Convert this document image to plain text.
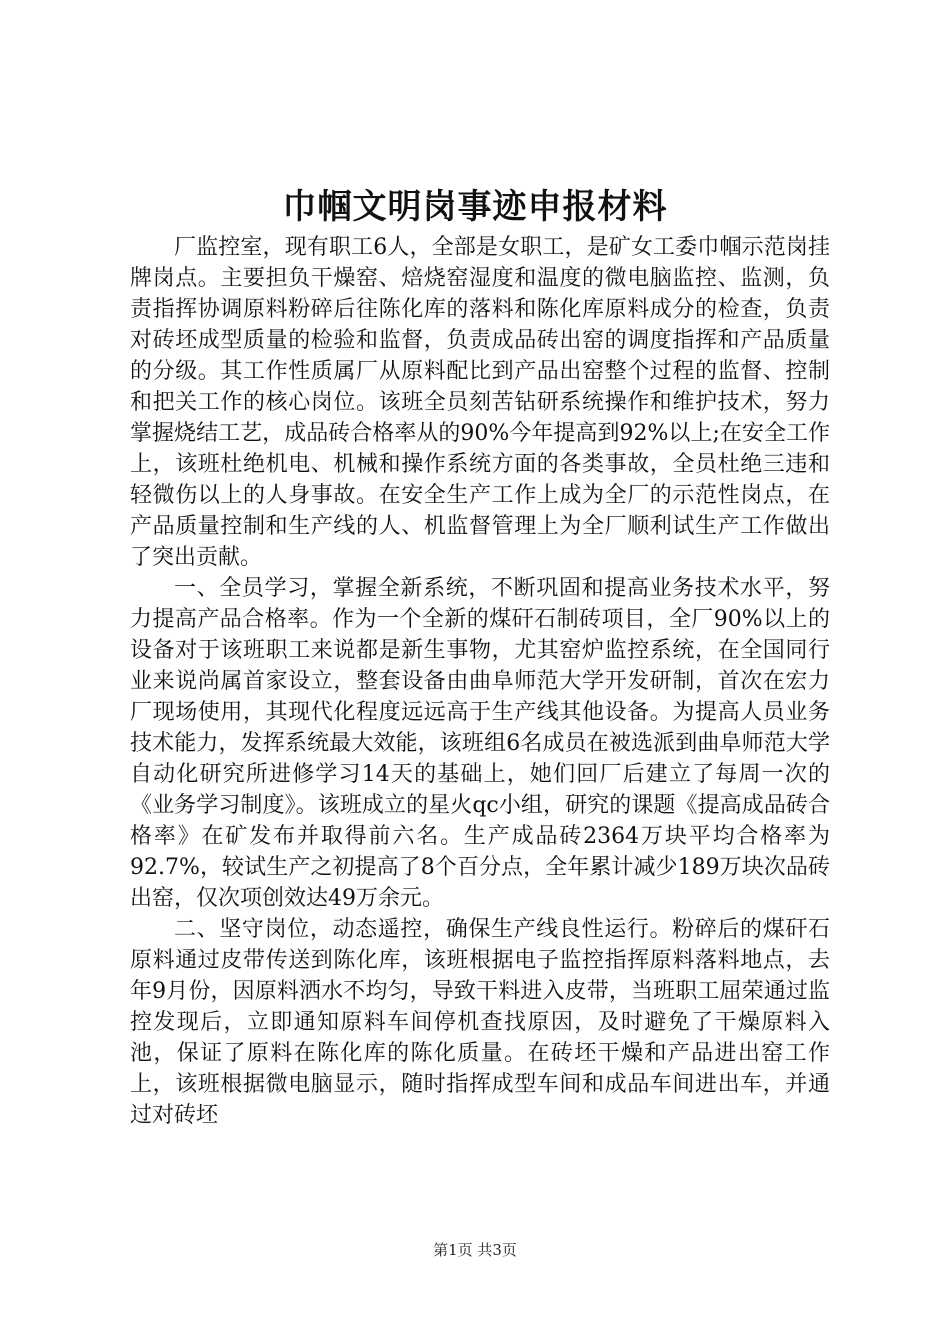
巾帼文明岗事迹申报材料

厂监控室，现有职工6人，全部是女职工，是矿女工委巾帼示范岗挂牌岗点。主要担负干燥窑、焙烧窑湿度和温度的微电脑监控、监测，负责指挥协调原料粉碎后往陈化库的落料和陈化库原料成分的检查，负责对砖坯成型质量的检验和监督，负责成品砖出窑的调度指挥和产品质量的分级。其工作性质属厂从原料配比到产品出窑整个过程的监督、控制和把关工作的核心岗位。该班全员刻苦钻研系统操作和维护技术，努力掌握烧结工艺，成品砖合格率从的90%今年提高到92%以上;在安全工作上，该班杜绝机电、机械和操作系统方面的各类事故，全员杜绝三违和轻微伤以上的人身事故。在安全生产工作上成为全厂的示范性岗点，在产品质量控制和生产线的人、机监督管理上为全厂顺利试生产工作做出了突出贡献。

一、全员学习，掌握全新系统，不断巩固和提高业务技术水平，努力提高产品合格率。作为一个全新的煤矸石制砖项目，全厂90%以上的设备对于该班职工来说都是新生事物，尤其窑炉监控系统，在全国同行业来说尚属首家设立，整套设备由曲阜师范大学开发研制，首次在宏力厂现场使用，其现代化程度远远高于生产线其他设备。为提高人员业务技术能力，发挥系统最大效能，该班组6名成员在被选派到曲阜师范大学自动化研究所进修学习14天的基础上，她们回厂后建立了每周一次的《业务学习制度》。该班成立的星火qc小组，研究的课题《提高成品砖合格率》在矿发布并取得前六名。生产成品砖2364万块平均合格率为92.7%，较试生产之初提高了8个百分点，全年累计减少189万块次品砖出窑，仅次项创效达49万余元。

二、坚守岗位，动态遥控，确保生产线良性运行。粉碎后的煤矸石原料通过皮带传送到陈化库，该班根据电子监控指挥原料落料地点，去年9月份，因原料洒水不均匀，导致干料进入皮带，当班职工屈荣通过监控发现后，立即通知原料车间停机查找原因，及时避免了干燥原料入池，保证了原料在陈化库的陈化质量。在砖坯干燥和产品进出窑工作上，该班根据微电脑显示，随时指挥成型车间和成品车间进出车，并通过对砖坯

第1页 共3页
